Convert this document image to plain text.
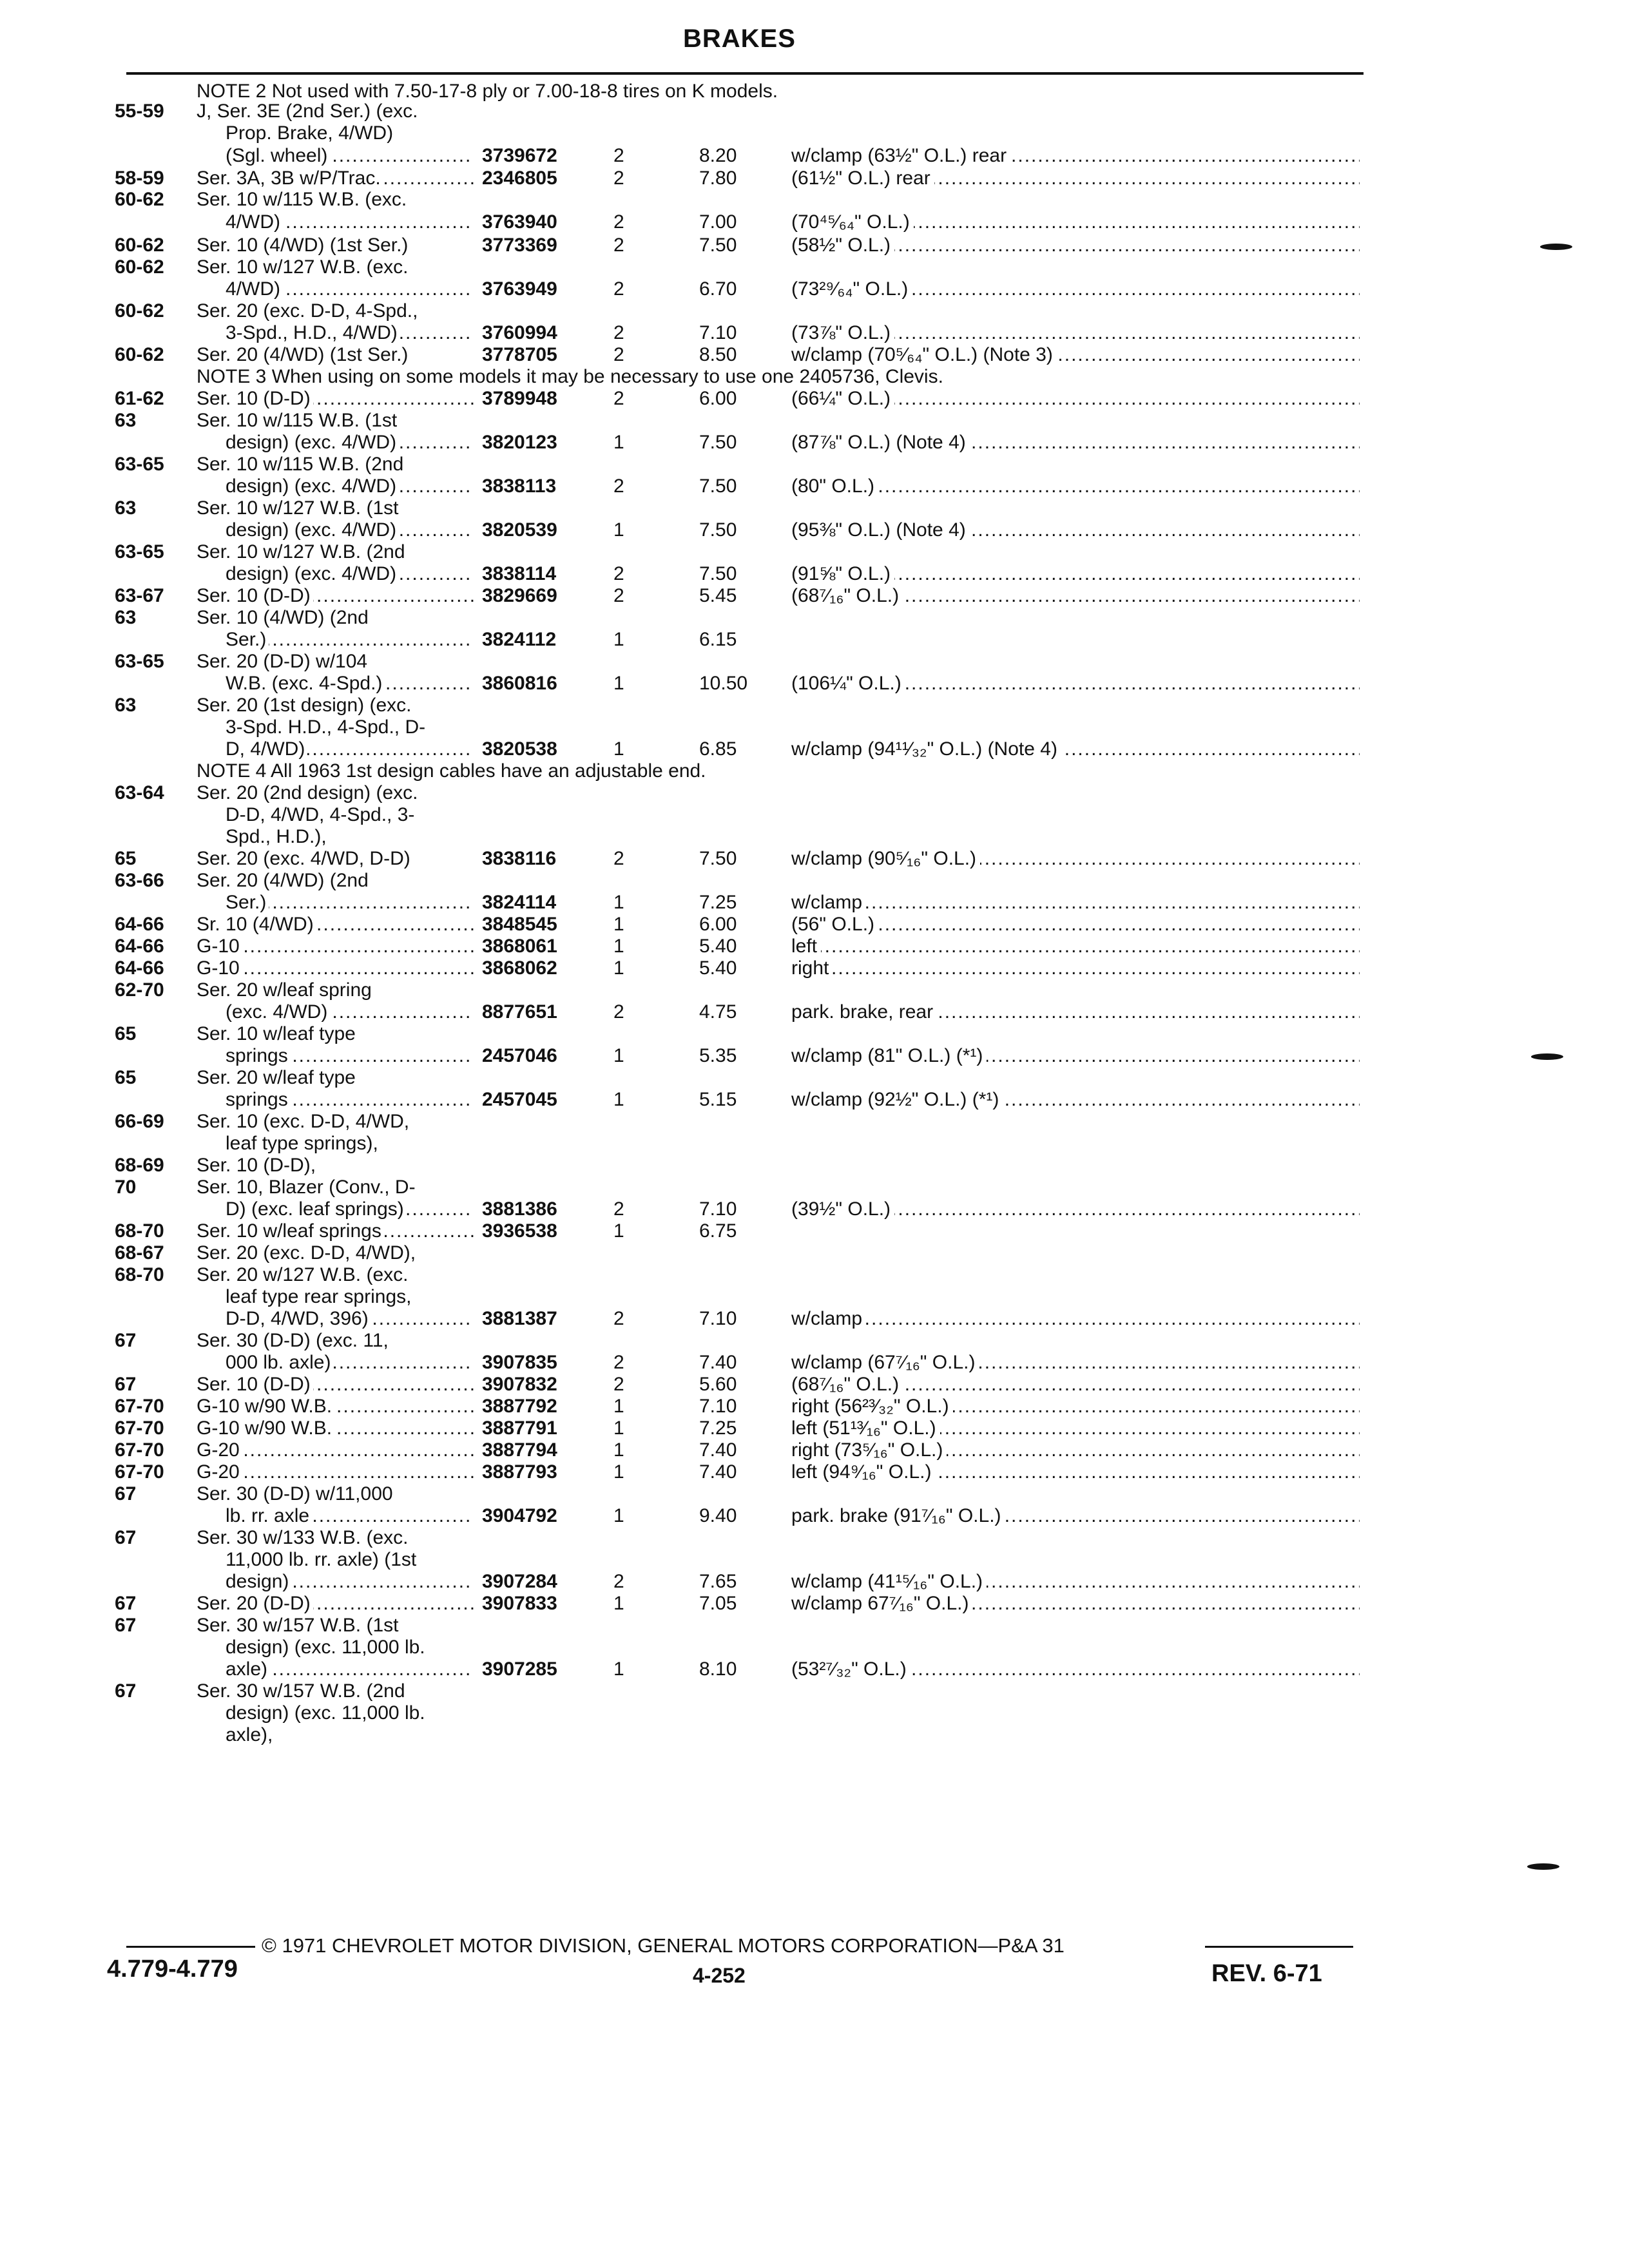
BRAKES
NOTE 2 Not used with 7.50-17-8 ply or 7.00-18-8 tires on K models.
55-59 J, Ser. 3E (2nd Ser.) (exc.
Prop. Brake, 4/WD)
(Sgl. wheel) .....	3739672	2	8.20	w/clamp (63½" O.L.) rear .....
58-59 Ser. 3A, 3B w/P/Trac. .....	2346805	2	7.80	(61½" O.L.) rear .....
60-62 Ser. 10 w/115 W.B. (exc.
4/WD) .....	3763940	2	7.00	(70⁴⁵⁄₆₄" O.L.) .....
60-62 Ser. 10 (4/WD) (1st Ser.)	3773369	2	7.50	(58½" O.L.) .....
60-62 Ser. 10 w/127 W.B. (exc.
4/WD) .....	3763949	2	6.70	(73²⁹⁄₆₄" O.L.) .....
60-62 Ser. 20 (exc. D-D, 4-Spd.,
3-Spd., H.D., 4/WD) .....	3760994	2	7.10	(73⅞" O.L.) .....
60-62 Ser. 20 (4/WD) (1st Ser.)	3778705	2	8.50	w/clamp (70⁵⁄₆₄" O.L.) (Note 3) .....
NOTE 3 When using on some models it may be necessary to use one 2405736, Clevis.
61-62 Ser. 10 (D-D) .....	3789948	2	6.00	(66¼" O.L.) .....
63	Ser. 10 w/115 W.B. (1st
design) (exc. 4/WD) .....	3820123	1	7.50	(87⅞" O.L.) (Note 4) .....
63-65 Ser. 10 w/115 W.B. (2nd
design) (exc. 4/WD) .....	3838113	2	7.50	(80" O.L.) .....
63	Ser. 10 w/127 W.B. (1st
design) (exc. 4/WD) .....	3820539	1	7.50	(95⅜" O.L.) (Note 4) .....
63-65 Ser. 10 w/127 W.B. (2nd
design) (exc. 4/WD) .....	3838114	2	7.50	(91⅝" O.L.) .....
63-67 Ser. 10 (D-D) .....	3829669	2	5.45	(68⁷⁄₁₆" O.L.) .....
63	Ser. 10 (4/WD) (2nd
Ser.) .....	3824112	1	6.15
63-65 Ser. 20 (D-D) w/104
W.B. (exc. 4-Spd.) .....	3860816	1	10.50 (106¼" O.L.) .....
63	Ser. 20 (1st design) (exc.
3-Spd. H.D., 4-Spd., D-
D, 4/WD) .....	3820538	1	6.85	w/clamp (94¹¹⁄₃₂" O.L.) (Note 4) .....
NOTE 4 All 1963 1st design cables have an adjustable end.
63-64 Ser. 20 (2nd design) (exc.
D-D, 4/WD, 4-Spd., 3-
Spd., H.D.),
65	Ser. 20 (exc. 4/WD, D-D)	3838116	2	7.50	w/clamp (90⁵⁄₁₆" O.L.) .....
63-66 Ser. 20 (4/WD) (2nd
Ser.) .....	3824114	1	7.25	w/clamp .....
64-66 Sr. 10 (4/WD) .....	3848545	1	6.00	(56" O.L.) .....
64-66 G-10 .....	3868061	1	5.40	left .....
64-66 G-10 .....	3868062	1	5.40	right .....
62-70 Ser. 20 w/leaf spring
(exc. 4/WD) .....	8877651	2	4.75	park. brake, rear .....
65	Ser. 10 w/leaf type
springs .....	2457046	1	5.35	w/clamp (81" O.L.) (*¹) .....
65	Ser. 20 w/leaf type
springs .....	2457045	1	5.15	w/clamp (92½" O.L.) (*¹) .....
66-69 Ser. 10 (exc. D-D, 4/WD,
leaf type springs),
68-69 Ser. 10 (D-D),
70	Ser. 10, Blazer (Conv., D-
D) (exc. leaf springs) .....	3881386	2	7.10	(39½" O.L.) .....
68-70 Ser. 10 w/leaf springs .....	3936538	1	6.75
68-67 Ser. 20 (exc. D-D, 4/WD),
68-70 Ser. 20 w/127 W.B. (exc.
leaf type rear springs,
D-D, 4/WD, 396) .....	3881387	2	7.10	w/clamp .....
67	Ser. 30 (D-D) (exc. 11,
000 lb. axle) .....	3907835	2	7.40	w/clamp (67⁷⁄₁₆" O.L.) .....
67	Ser. 10 (D-D) .....	3907832	2	5.60	(68⁷⁄₁₆" O.L.) .....
67-70 G-10 w/90 W.B. .....	3887792	1	7.10	right (56²³⁄₃₂" O.L.) .....
67-70 G-10 w/90 W.B. .....	3887791	1	7.25	left (51¹³⁄₁₆" O.L.) .....
67-70 G-20 .....	3887794	1	7.40	right (73⁵⁄₁₆" O.L.) .....
67-70 G-20 .....	3887793	1	7.40	left (94⁹⁄₁₆" O.L.) .....
67	Ser. 30 (D-D) w/11,000
lb. rr. axle .....	3904792	1	9.40	park. brake (91⁷⁄₁₆" O.L.) .....
67	Ser. 30 w/133 W.B. (exc.
11,000 lb. rr. axle) (1st
design) .....	3907284	2	7.65	w/clamp (41¹⁵⁄₁₆" O.L.) .....
67	Ser. 20 (D-D) .....	3907833	1	7.05	w/clamp 67⁷⁄₁₆" O.L.) .....
67	Ser. 30 w/157 W.B. (1st
design) (exc. 11,000 lb.
axle) .....	3907285	1	8.10	(53²⁷⁄₃₂" O.L.) .....
67	Ser. 30 w/157 W.B. (2nd
design) (exc. 11,000 lb.
axle),
© 1971 CHEVROLET MOTOR DIVISION, GENERAL MOTORS CORPORATION—P&A 31
4.779-4.779	4-252	REV. 6-71
